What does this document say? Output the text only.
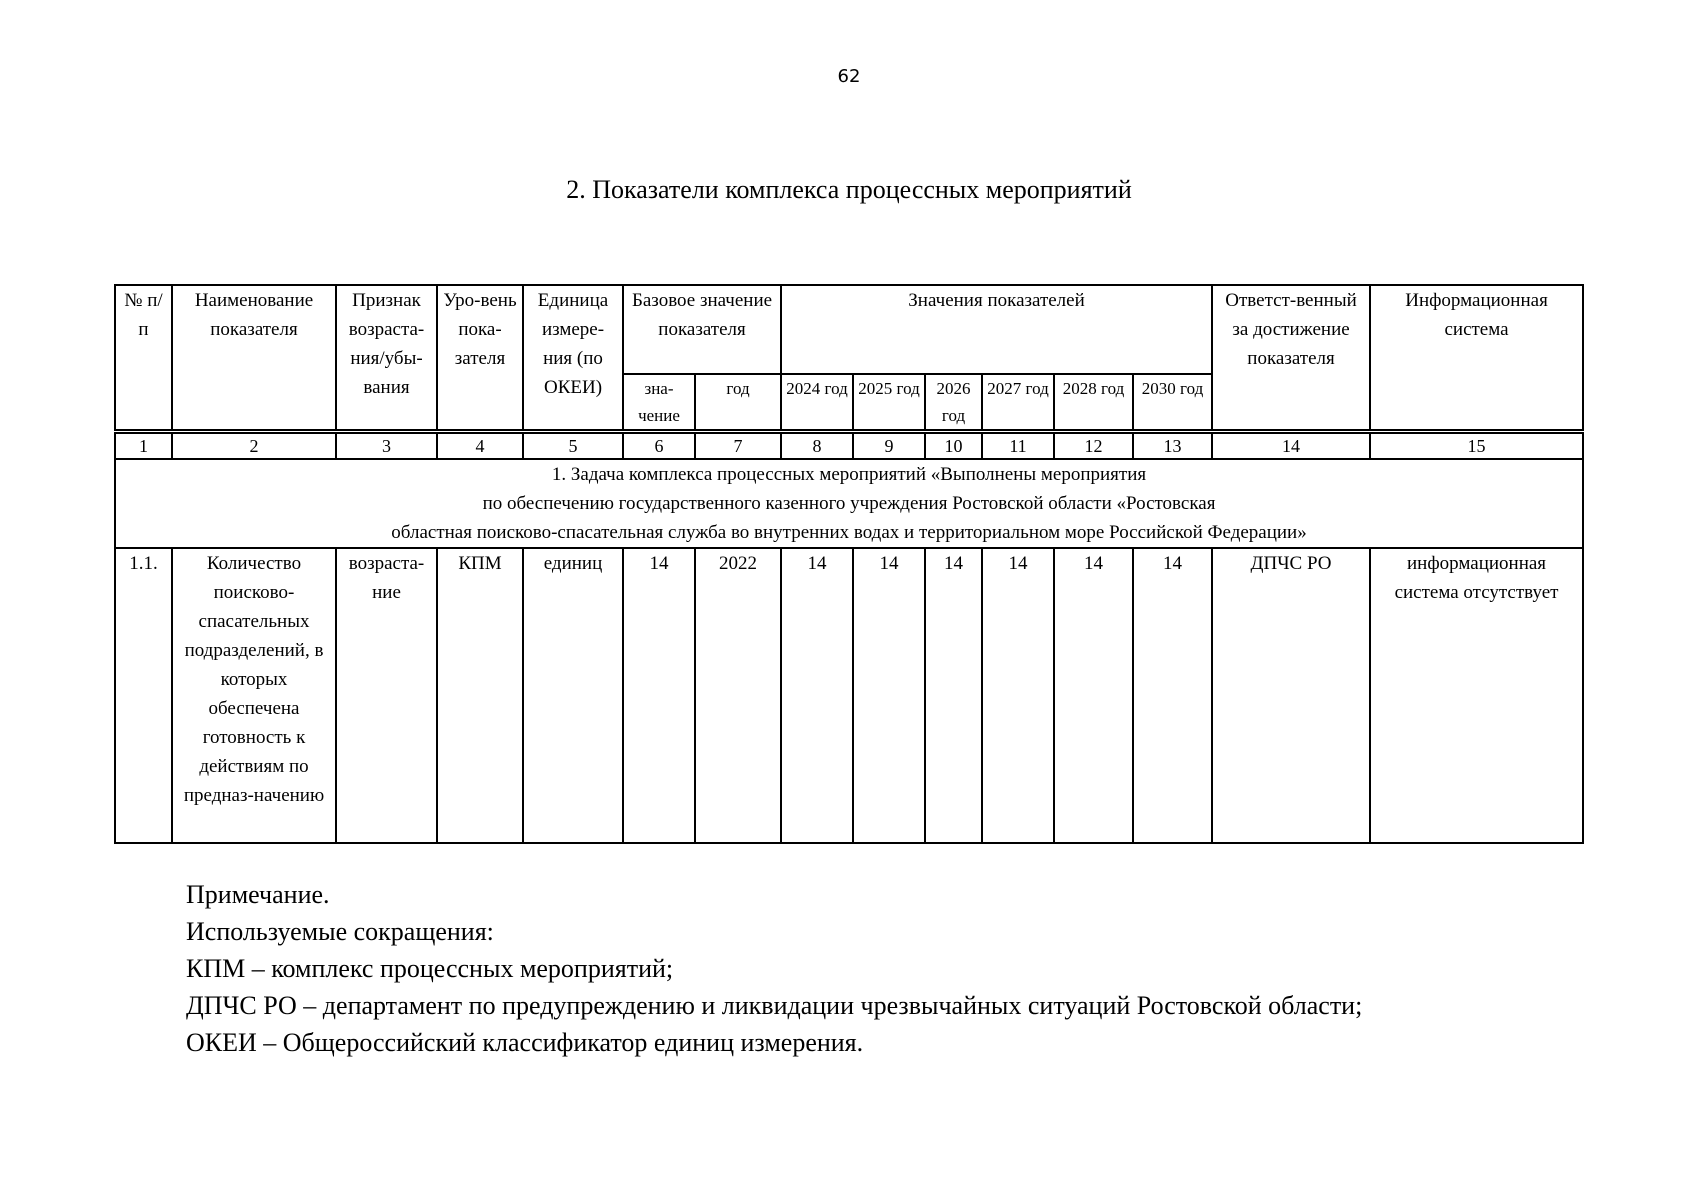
62
2. Показатели комплекса процессных мероприятий
№ п/п	Наименование показателя	Признак возраста-ния/убы-вания	Уро-вень пока-зателя	Единица измере-ния (по ОКЕИ)	Базовое значение показателя		Значения показателей						Ответст-венный за достижение показателя	Информационная система
					зна-чение	год	2024 год	2025 год	2026 год	2027 год	2028 год	2030 год		
1	2	3	4	5	6	7	8	9	10	11	12	13	14	15

1. Задача комплекса процессных мероприятий «Выполнены мероприятия
по обеспечению государственного казенного учреждения Ростовской области «Ростовская
областная поисково-спасательная служба во внутренних водах и территориальном море Российской Федерации»														

1.1.	Количество поисково-спасательных подразделений, в которых обеспечена готовность к действиям по предназ-начению	возраста-ние	КПМ	единиц	14	2022	14	14	14	14	14	14	ДПЧС РО	информационная система отсутствует
Примечание.
Используемые сокращения:
КПМ – комплекс процессных мероприятий;
ДПЧС РО – департамент по предупреждению и ликвидации чрезвычайных ситуаций Ростовской области;
ОКЕИ – Общероссийский классификатор единиц измерения.
